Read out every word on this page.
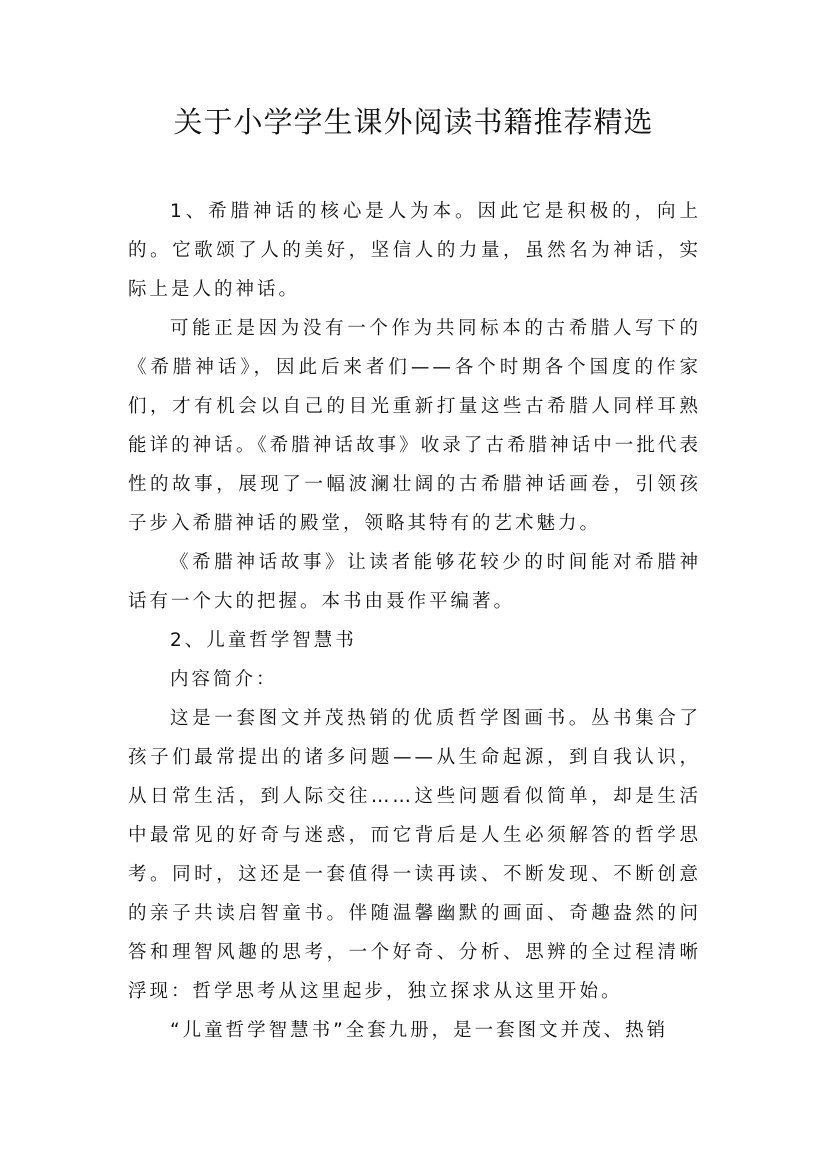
关于小学学生课外阅读书籍推荐精选

1、希腊神话的核心是人为本。因此它是积极的，向上的。它歌颂了人的美好，坚信人的力量，虽然名为神话，实际上是人的神话。

可能正是因为没有一个作为共同标本的古希腊人写下的《希腊神话》，因此后来者们——各个时期各个国度的作家们，才有机会以自己的目光重新打量这些古希腊人同样耳熟能详的神话。《希腊神话故事》收录了古希腊神话中一批代表性的故事，展现了一幅波澜壮阔的古希腊神话画卷，引领孩子步入希腊神话的殿堂，领略其特有的艺术魅力。

《希腊神话故事》让读者能够花较少的时间能对希腊神话有一个大的把握。本书由聂作平编著。

2、儿童哲学智慧书

内容简介：

这是一套图文并茂热销的优质哲学图画书。丛书集合了孩子们最常提出的诸多问题——从生命起源，到自我认识，从日常生活，到人际交往……这些问题看似简单，却是生活中最常见的好奇与迷惑，而它背后是人生必须解答的哲学思考。同时，这还是一套值得一读再读、不断发现、不断创意的亲子共读启智童书。伴随温馨幽默的画面、奇趣盎然的问答和理智风趣的思考，一个好奇、分析、思辨的全过程清晰浮现：哲学思考从这里起步，独立探求从这里开始。

“儿童哲学智慧书”全套九册，是一套图文并茂、热销
